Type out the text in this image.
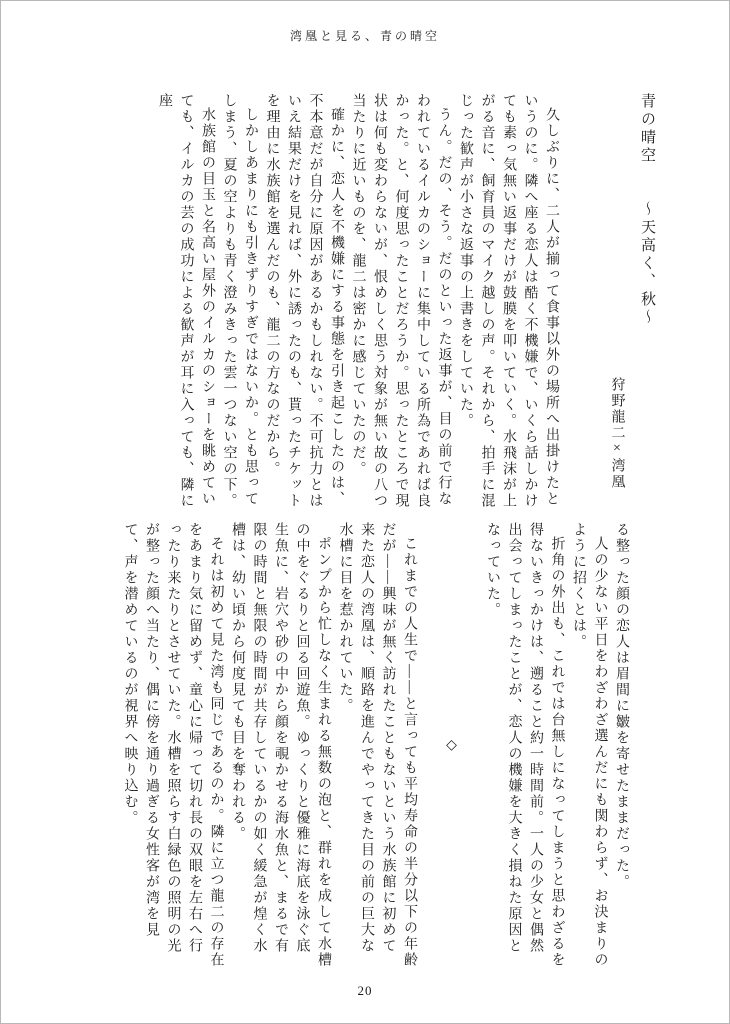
湾凰と見る、青の晴空

青の晴空　　～天高く、秋～

狩野龍二×湾凰

久しぶりに、二人が揃って食事以外の場所へ出掛けたというのに。隣へ座る恋人は酷く不機嫌で、いくら話しかけても素っ気無い返事だけが鼓膜を叩いていく。水飛沫が上がる音に、飼育員のマイク越しの声。それから、拍手に混じった歓声が小さな返事の上書きをしていた。

うん。だの、そう。だのといった返事が、目の前で行なわれているイルカのショーに集中している所為であれば良かった。と、何度思ったことだろうか。思ったところで現状は何も変わらないが、恨めしく思う対象が無い故の八つ当たりに近いものを、龍二は密かに感じていたのだ。

確かに、恋人を不機嫌にする事態を引き起こしたのは、不本意だが自分に原因があるかもしれない。不可抗力とはいえ結果だけを見れば、外に誘ったのも、貰ったチケットを理由に水族館を選んだのも、龍二の方なのだから。

しかしあまりにも引きずりすぎではないか。とも思ってしまう、夏の空よりも青く澄みきった雲一つない空の下。

水族館の目玉と名高い屋外のイルカのショーを眺めていても、イルカの芸の成功による歓声が耳に入っても、隣に座

る整った顔の恋人は眉間に皺を寄せたままだった。

人の少ない平日をわざわざ選んだにも関わらず、お決まりのように招くとは。

折角の外出も、これでは台無しになってしまうと思わざるを得ないきっかけは、遡ること約一時間前。一人の少女と偶然出会ってしまったことが、恋人の機嫌を大きく損ねた原因となっていた。

◇

これまでの人生で――と言っても平均寿命の半分以下の年齢だが――興味が無く訪れたこともないという水族館に初めて来た恋人の湾凰は、順路を進んでやってきた目の前の巨大な水槽に目を惹かれていた。

ポンプから忙しなく生まれる無数の泡と、群れを成して水槽の中をぐるりと回る回遊魚。ゆっくりと優雅に海底を泳ぐ底生魚に、岩穴や砂の中から顔を覗かせる海水魚と、まるで有限の時間と無限の時間が共存しているかの如く緩急が煌く水槽は、幼い頃から何度見ても目を奪われる。

それは初めて見た湾も同じであるのか。隣に立つ龍二の存在をあまり気に留めず、童心に帰って切れ長の双眼を左右へ行ったり来たりとさせていた。水槽を照らす白緑色の照明の光が整った顔へ当たり、偶に傍を通り過ぎる女性客が湾を見て、声を潜めているのが視界へ映り込む。

20
